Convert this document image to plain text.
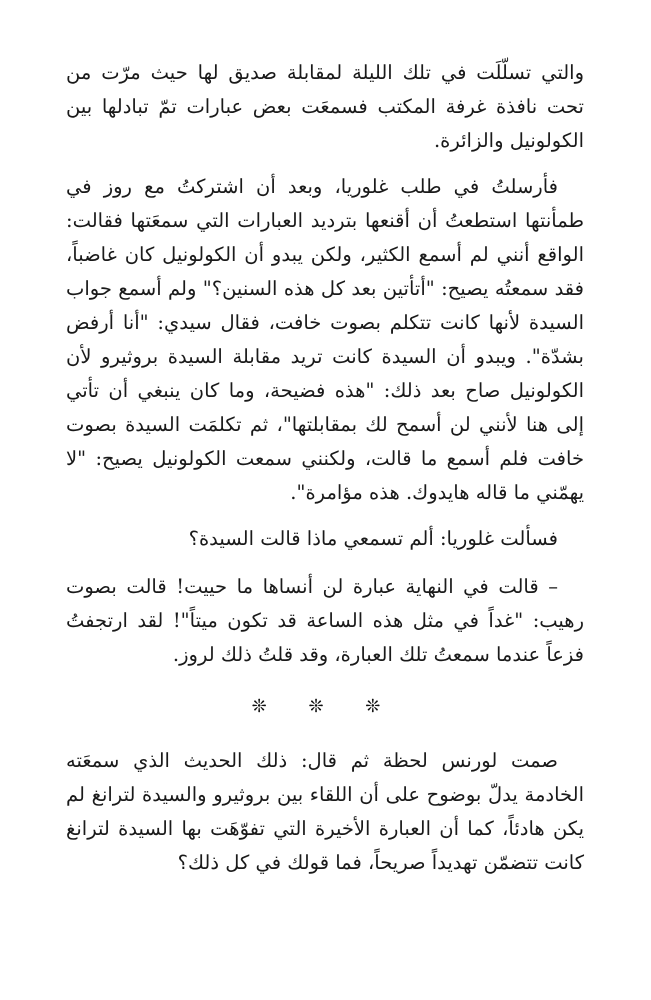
والتي تسلّلَت في تلك الليلة لمقابلة صديق لها حيث مرّت من تحت نافذة غرفة المكتب فسمعَت بعض عبارات تمّ تبادلها بين الكولونيل والزائرة.

فأرسلتُ في طلب غلوريا، وبعد أن اشتركتُ مع روز في طمأنتها استطعتُ أن أقنعها بترديد العبارات التي سمعَتها فقالت: الواقع أنني لم أسمع الكثير، ولكن يبدو أن الكولونيل كان غاضباً، فقد سمعتُه يصيح: "أتأتين بعد كل هذه السنين؟" ولم أسمع جواب السيدة لأنها كانت تتكلم بصوت خافت، فقال سيدي: "أنا أرفض بشدّة". ويبدو أن السيدة كانت تريد مقابلة السيدة بروثيرو لأن الكولونيل صاح بعد ذلك: "هذه فضيحة، وما كان ينبغي أن تأتي إلى هنا لأنني لن أسمح لك بمقابلتها"، ثم تكلمَت السيدة بصوت خافت فلم أسمع ما قالت، ولكنني سمعت الكولونيل يصيح: "لا يهمّني ما قاله هايدوك. هذه مؤامرة".

فسألت غلوريا: ألم تسمعي ماذا قالت السيدة؟

– قالت في النهاية عبارة لن أنساها ما حييت! قالت بصوت رهيب: "غداً في مثل هذه الساعة قد تكون ميتاً"! لقد ارتجفتُ فزعاً عندما سمعتُ تلك العبارة، وقد قلتُ ذلك لروز.

❊ ❊ ❊

صمت لورنس لحظة ثم قال: ذلك الحديث الذي سمعَته الخادمة يدلّ بوضوح على أن اللقاء بين بروثيرو والسيدة لترانغ لم يكن هادئاً، كما أن العبارة الأخيرة التي تفوّهَت بها السيدة لترانغ كانت تتضمّن تهديداً صريحاً، فما قولك في كل ذلك؟
